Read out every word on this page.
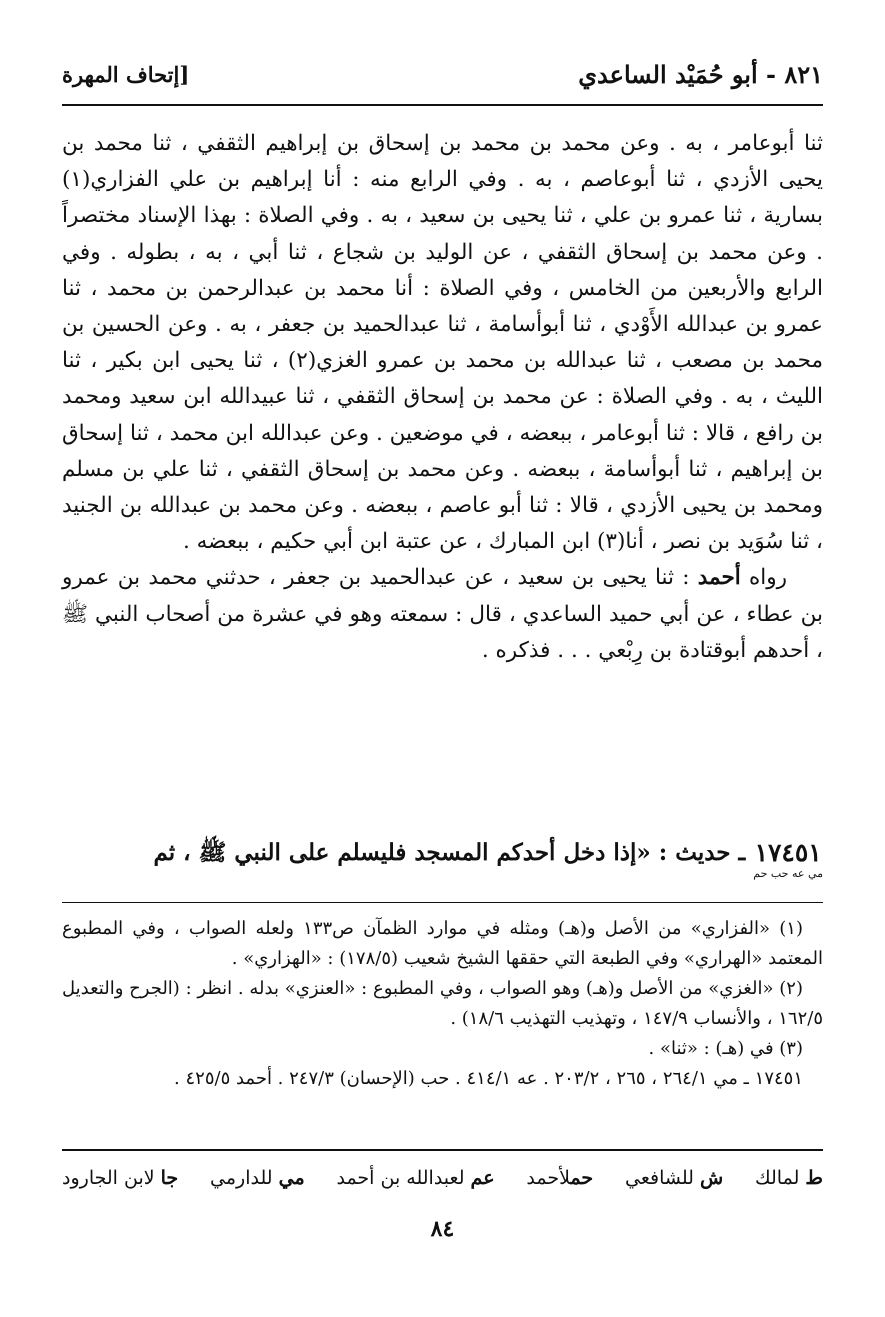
٨٢١ - أبو حُمَيْد الساعدي
[إتحاف المهرة

ثنا أبوعامر ، به . وعن محمد بن محمد بن إسحاق بن إبراهيم الثقفي ، ثنا محمد بن يحيى الأزدي ، ثنا أبوعاصم ، به . وفي الرابع منه : أنا إبراهيم بن علي الفزاري(١) بسارية ، ثنا عمرو بن علي ، ثنا يحيى بن سعيد ، به . وفي الصلاة : بهذا الإسناد مختصراً . وعن محمد بن إسحاق الثقفي ، عن الوليد بن شجاع ، ثنا أبي ، به ، بطوله . وفي الرابع والأربعين من الخامس ، وفي الصلاة : أنا محمد بن عبدالرحمن بن محمد ، ثنا عمرو بن عبدالله الأَوْدي ، ثنا أبوأسامة ، ثنا عبدالحميد بن جعفر ، به . وعن الحسين بن محمد بن مصعب ، ثنا عبدالله بن محمد بن عمرو الغزي(٢) ، ثنا يحيى ابن بكير ، ثنا الليث ، به . وفي الصلاة : عن محمد بن إسحاق الثقفي ، ثنا عبيدالله ابن سعيد ومحمد بن رافع ، قالا : ثنا أبوعامر ، ببعضه ، في موضعين . وعن عبدالله ابن محمد ، ثنا إسحاق بن إبراهيم ، ثنا أبوأسامة ، ببعضه . وعن محمد بن إسحاق الثقفي ، ثنا علي بن مسلم ومحمد بن يحيى الأزدي ، قالا : ثنا أبو عاصم ، ببعضه . وعن محمد بن عبدالله بن الجنيد ، ثنا سُوَيد بن نصر ، أنا(٣) ابن المبارك ، عن عتبة ابن أبي حكيم ، ببعضه .

رواه أحمد : ثنا يحيى بن سعيد ، عن عبدالحميد بن جعفر ، حدثني محمد بن عمرو بن عطاء ، عن أبي حميد الساعدي ، قال : سمعته وهو في عشرة من أصحاب النبي ﷺ ، أحدهم أبوقتادة بن رِبْعي . . . فذكره .

١٧٤٥١
مي عه حب حم
ـ حديث : «إذا دخل أحدكم المسجد فليسلم على النبي ﷺ ، ثم

(١) «الفزاري» من الأصل و(هـ) ومثله في موارد الظمآن ص١٣٣ ولعله الصواب ، وفي المطبوع المعتمد «الهراري» وفي الطبعة التي حققها الشيخ شعيب (١٧٨/٥) : «الهزاري» .

(٢) «الغزي» من الأصل و(هـ) وهو الصواب ، وفي المطبوع : «العنزي» بدله . انظر : (الجرح والتعديل ١٦٢/٥ ، والأنساب ١٤٧/٩ ، وتهذيب التهذيب ١٨/٦) .

(٣) في (هـ) : «ثنا» .

١٧٤٥١ ـ مي ٢٦٤/١ ، ٢٦٥ ، ٢٠٣/٢ . عه ٤١٤/١ . حب (الإحسان) ٢٤٧/٣ . أحمد ٤٢٥/٥ .

ط لمالك
ش للشافعي
حملأحمد
عم لعبدالله بن أحمد
مي للدارمي
جا لابن الجارود
٨٤
